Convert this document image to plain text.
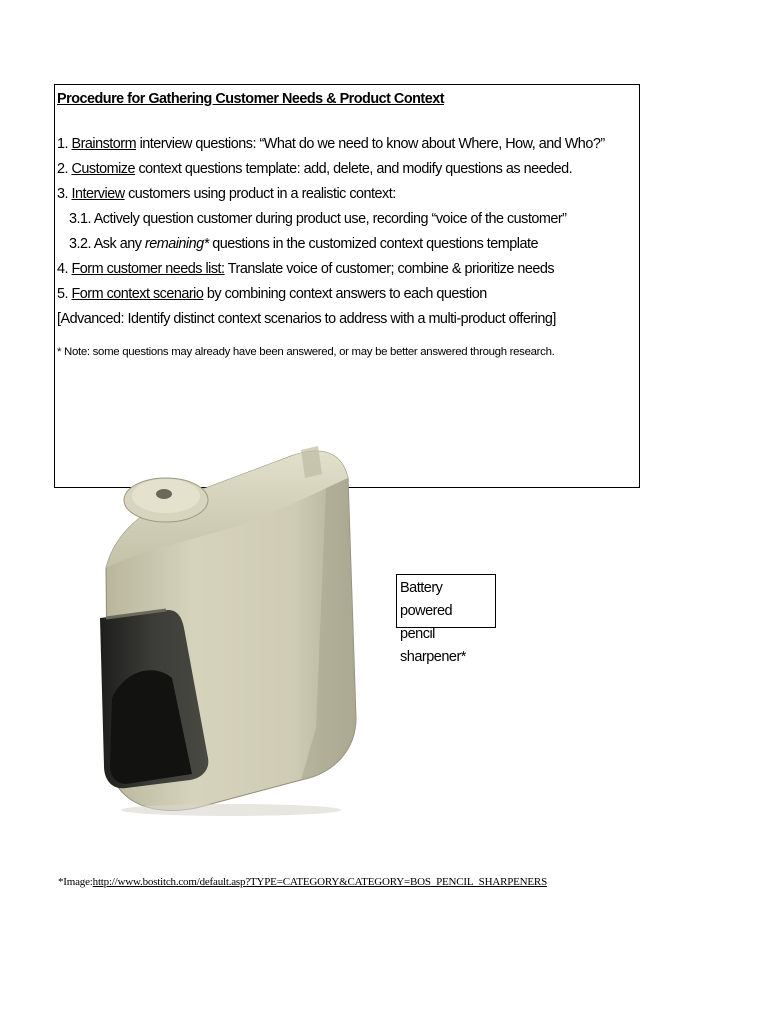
Procedure for Gathering Customer Needs & Product Context
1. Brainstorm interview questions: “What do we need to know about Where, How, and Who?”
2. Customize context questions template: add, delete, and modify questions as needed.
3. Interview customers using product in a realistic context:
3.1. Actively question customer during product use, recording “voice of the customer”
3.2. Ask any remaining* questions in the customized context questions template
4. Form customer needs list: Translate voice of customer; combine & prioritize needs
5. Form context scenario by combining context answers to each question
[Advanced: Identify distinct context scenarios to address with a multi-product offering]
* Note: some questions may already have been answered, or may be better answered through research.
Battery powered
pencil sharpener*
*Image:http://www.bostitch.com/default.asp?TYPE=CATEGORY&CATEGORY=BOS_PENCIL_SHARPENERS
